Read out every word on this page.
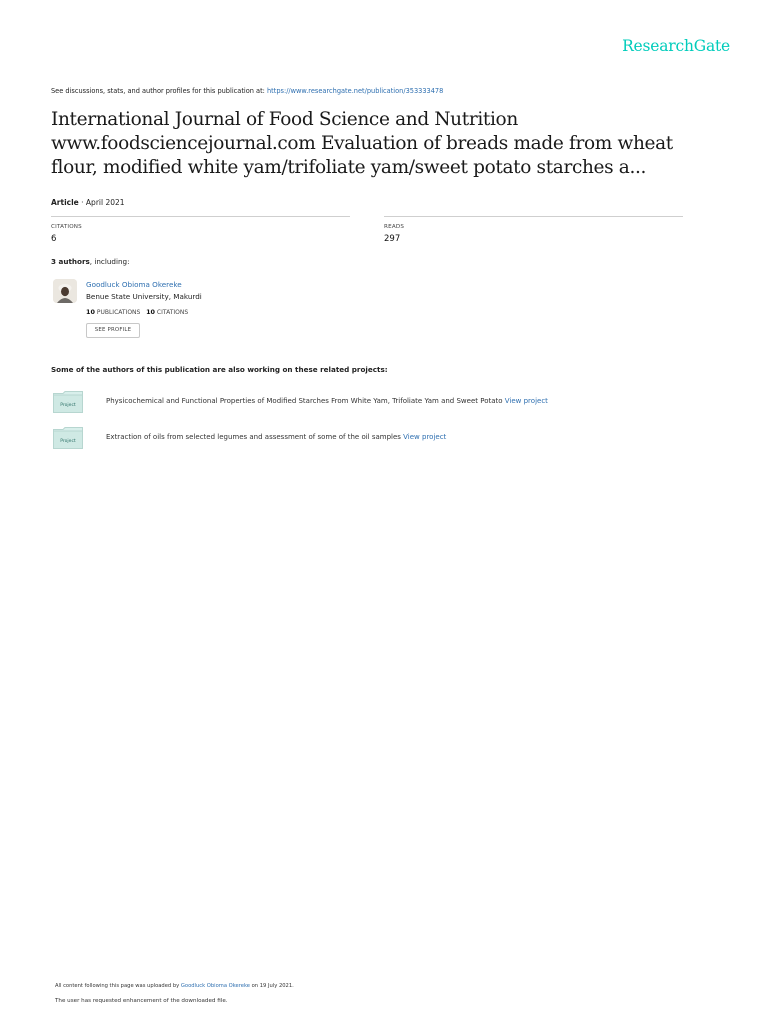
ResearchGate
See discussions, stats, and author profiles for this publication at: https://www.researchgate.net/publication/353333478
International Journal of Food Science and Nutrition www.foodsciencejournal.com Evaluation of breads made from wheat flour, modified white yam/trifoliate yam/sweet potato starches a...
Article · April 2021
CITATIONS
6
READS
297
3 authors, including:
Goodluck Obioma Okereke
Benue State University, Makurdi
10 PUBLICATIONS 10 CITATIONS
SEE PROFILE
Some of the authors of this publication are also working on these related projects:
Project
Physicochemical and Functional Properties of Modified Starches From White Yam, Trifoliate Yam and Sweet Potato View project
Project
Extraction of oils from selected legumes and assessment of some of the oil samples View project
All content following this page was uploaded by Goodluck Obioma Okereke on 19 July 2021.
The user has requested enhancement of the downloaded file.
